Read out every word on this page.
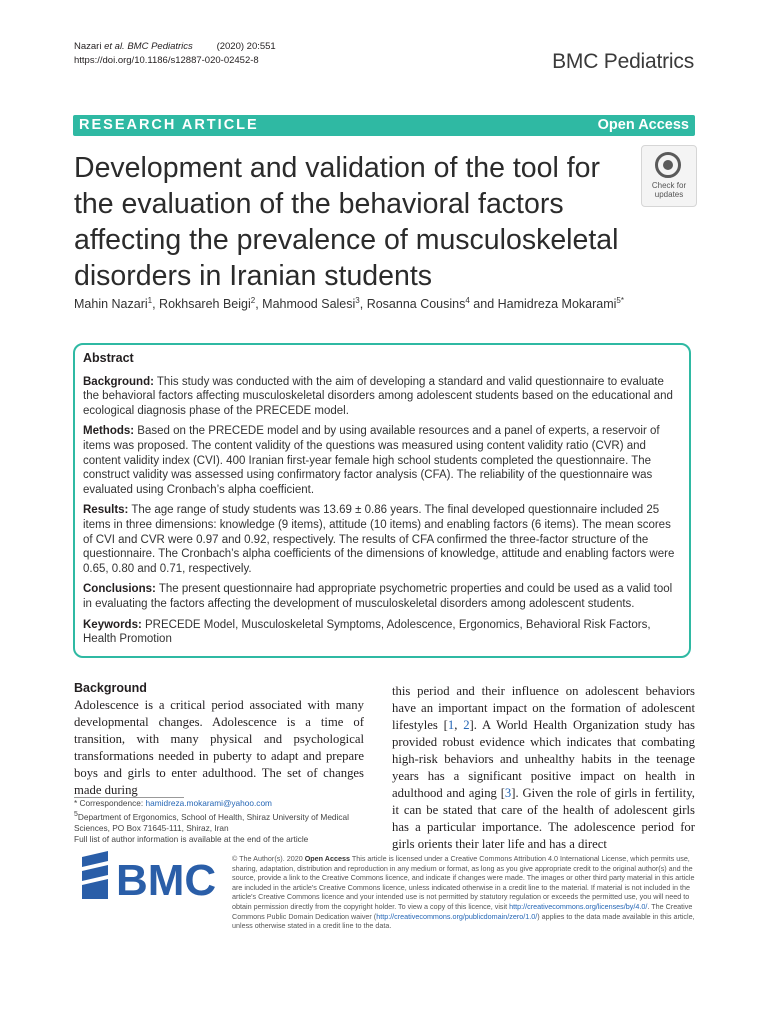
Nazari et al. BMC Pediatrics	(2020) 20:551
https://doi.org/10.1186/s12887-020-02452-8	BMC Pediatrics
RESEARCH ARTICLE	Open Access
Development and validation of the tool for the evaluation of the behavioral factors affecting the prevalence of musculoskeletal disorders in Iranian students
Check for
updates
Mahin Nazari$^1$, Rokhsareh Beigi$^2$, Mahmood Salesi$^3$, Rosanna Cousins$^4$ and Hamidreza Mokarami$^{5*}$
Abstract

Background: This study was conducted with the aim of developing a standard and valid questionnaire to evaluate the behavioral factors affecting musculoskeletal disorders among adolescent students based on the educational and ecological diagnosis phase of the PRECEDE model.

Methods: Based on the PRECEDE model and by using available resources and a panel of experts, a reservoir of items was proposed. The content validity of the questions was measured using content validity ratio (CVR) and content validity index (CVI). 400 Iranian first-year female high school students completed the questionnaire. The construct validity was assessed using confirmatory factor analysis (CFA). The reliability of the questionnaire was evaluated using Cronbach’s alpha coefficient.

Results: The age range of study students was 13.69 ± 0.86 years. The final developed questionnaire included 25 items in three dimensions: knowledge (9 items), attitude (10 items) and enabling factors (6 items). The mean scores of CVI and CVR were 0.97 and 0.92, respectively. The results of CFA confirmed the three-factor structure of the questionnaire. The Cronbach’s alpha coefficients of the dimensions of knowledge, attitude and enabling factors were 0.65, 0.80 and 0.71, respectively.

Conclusions: The present questionnaire had appropriate psychometric properties and could be used as a valid tool in evaluating the factors affecting the development of musculoskeletal disorders among adolescent students.

Keywords: PRECEDE Model, Musculoskeletal Symptoms, Adolescence, Ergonomics, Behavioral Risk Factors, Health Promotion

Background

Adolescence is a critical period associated with many developmental changes. Adolescence is a time of transition, with many physical and psychological transformations needed in puberty to adapt and prepare boys and girls to enter adulthood. The set of changes made during

this period and their influence on adolescent behaviors have an important impact on the formation of adolescent lifestyles [1, 2]. A World Health Organization study has provided robust evidence which indicates that combating high-risk behaviors and unhealthy habits in the teenage years has a significant positive impact on health in adulthood and aging [3]. Given the role of girls in fertility, it can be stated that care of the health of adolescent girls has a particular importance. The adolescence period for girls orients their later life and has a direct

* Correspondence: hamidreza.mokarami@yahoo.com
$^5$Department of Ergonomics, School of Health, Shiraz University of Medical Sciences, PO Box 71645-111, Shiraz, Iran
Full list of author information is available at the end of the article
BMC © The Author(s). 2020 Open Access This article is licensed under a Creative Commons Attribution 4.0 International License, which permits use, sharing, adaptation, distribution and reproduction in any medium or format, as long as you give appropriate credit to the original author(s) and the source, provide a link to the Creative Commons licence, and indicate if changes were made. The images or other third party material in this article are included in the article's Creative Commons licence, unless indicated otherwise in a credit line to the material. If material is not included in the article's Creative Commons licence and your intended use is not permitted by statutory regulation or exceeds the permitted use, you will need to obtain permission directly from the copyright holder. To view a copy of this licence, visit http://creativecommons.org/licenses/by/4.0/. The Creative Commons Public Domain Dedication waiver (http://creativecommons.org/publicdomain/zero/1.0/) applies to the data made available in this article, unless otherwise stated in a credit line to the data.
